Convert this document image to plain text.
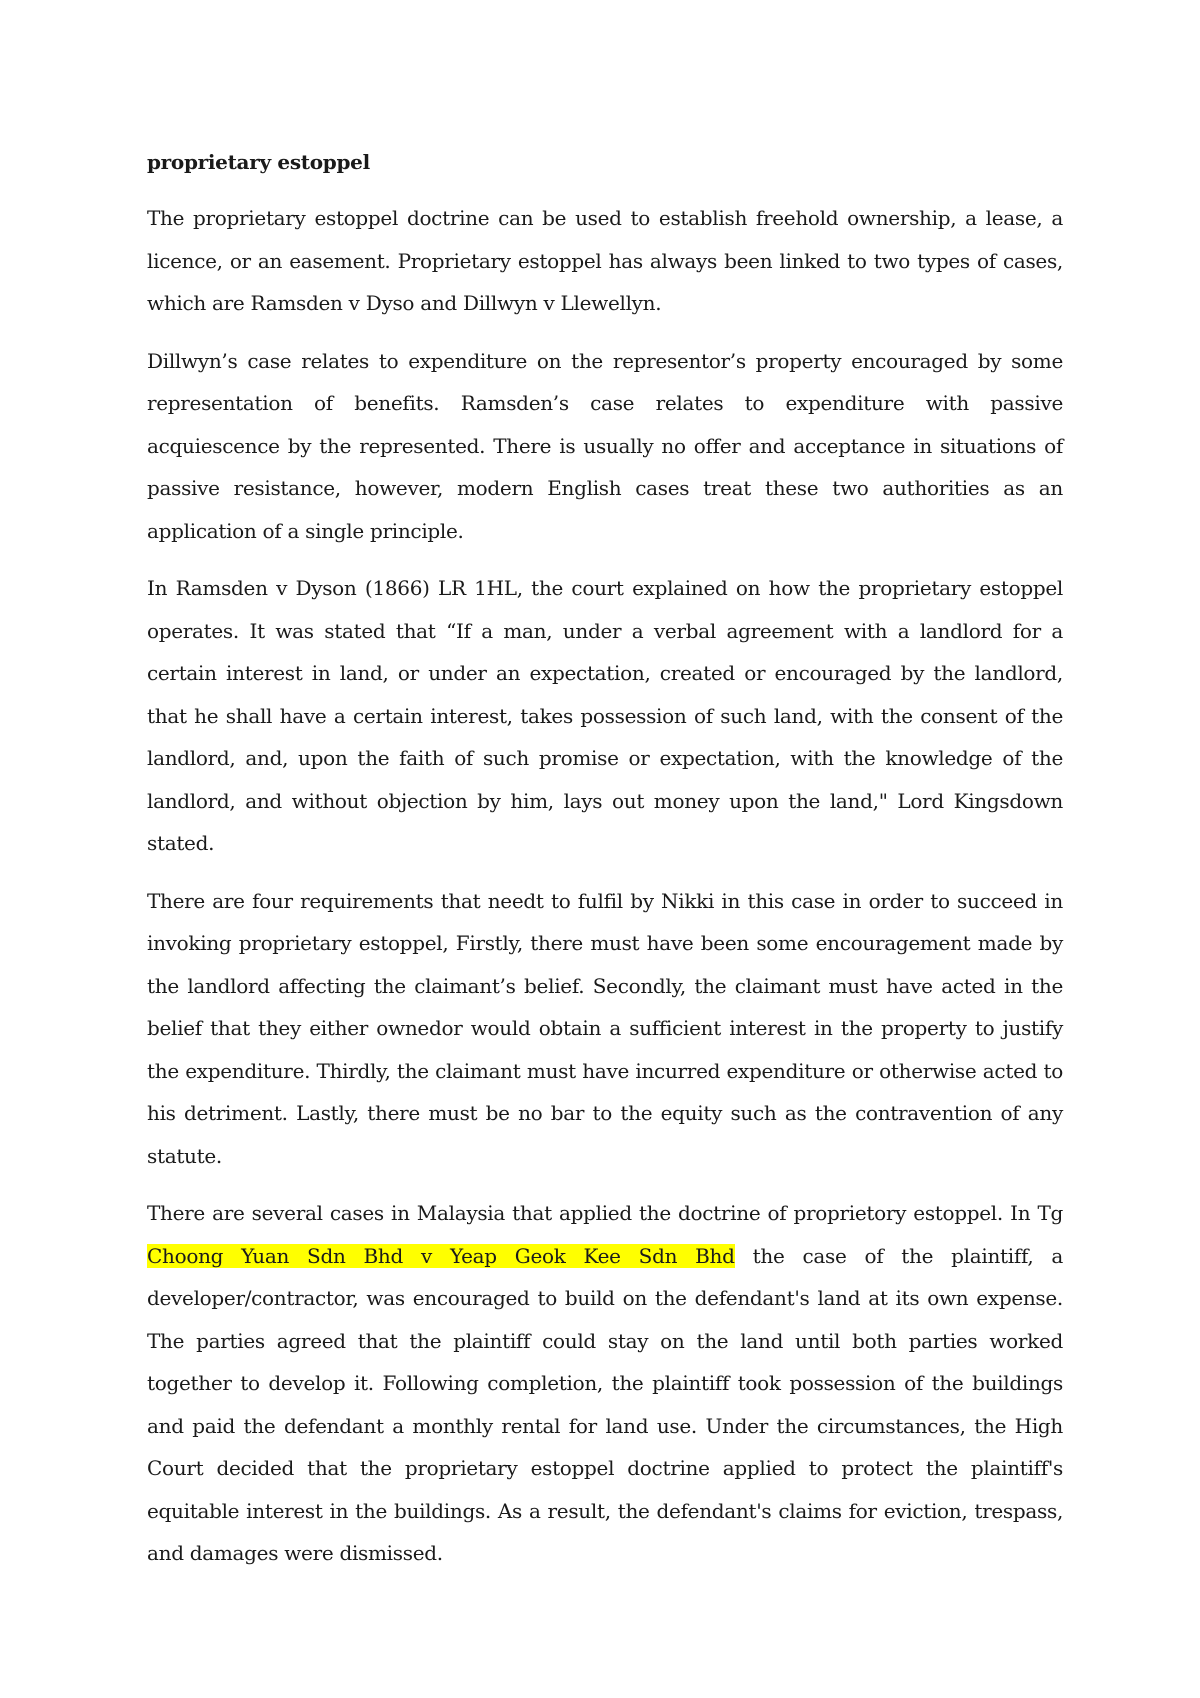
proprietary estoppel

The proprietary estoppel doctrine can be used to establish freehold ownership, a lease, a licence, or an easement. Proprietary estoppel has always been linked to two types of cases, which are Ramsden v Dyso and Dillwyn v Llewellyn.

Dillwyn’s case relates to expenditure on the representor’s property encouraged by some representation of benefits. Ramsden’s case relates to expenditure with passive acquiescence by the represented. There is usually no offer and acceptance in situations of passive resistance, however, modern English cases treat these two authorities as an application of a single principle.

In Ramsden v Dyson (1866) LR 1HL, the court explained on how the proprietary estoppel operates. It was stated that “If a man, under a verbal agreement with a landlord for a certain interest in land, or under an expectation, created or encouraged by the landlord, that he shall have a certain interest, takes possession of such land, with the consent of the landlord, and, upon the faith of such promise or expectation, with the knowledge of the landlord, and without objection by him, lays out money upon the land," Lord Kingsdown stated.

There are four requirements that needt to fulfil by Nikki in this case in order to succeed in invoking proprietary estoppel, Firstly, there must have been some encouragement made by the landlord affecting the claimant’s belief. Secondly, the claimant must have acted in the belief that they either ownedor would obtain a sufficient interest in the property to justify the expenditure. Thirdly, the claimant must have incurred expenditure or otherwise acted to his detriment. Lastly, there must be no bar to the equity such as the contravention of any statute.

There are several cases in Malaysia that applied the doctrine of proprietory estoppel. In Tg Choong Yuan Sdn Bhd v Yeap Geok Kee Sdn Bhd the case of the plaintiff, a developer/contractor, was encouraged to build on the defendant's land at its own expense. The parties agreed that the plaintiff could stay on the land until both parties worked together to develop it. Following completion, the plaintiff took possession of the buildings and paid the defendant a monthly rental for land use. Under the circumstances, the High Court decided that the proprietary estoppel doctrine applied to protect the plaintiff's equitable interest in the buildings. As a result, the defendant's claims for eviction, trespass, and damages were dismissed.
